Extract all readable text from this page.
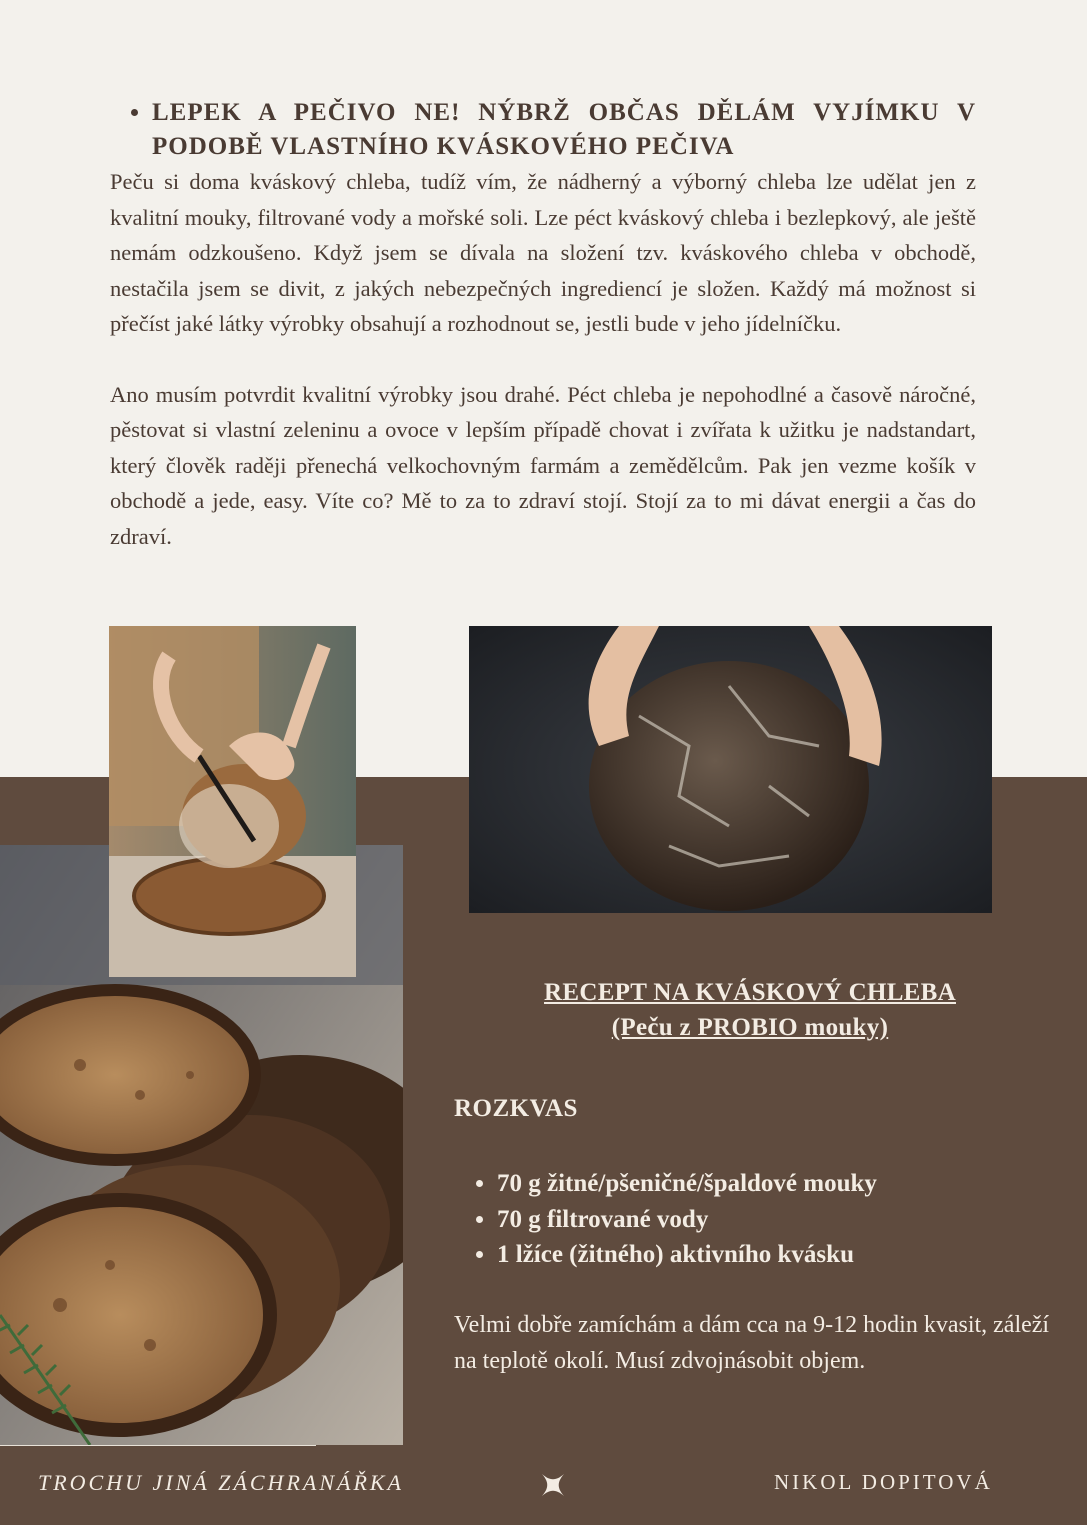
• LEPEK A PEČIVO NE! NÝBRŽ OBČAS DĚLÁM VYJÍMKU V PODOBĚ VLASTNÍHO KVÁSKOVÉHO PEČIVA

Peču si doma kváskový chleba, tudíž vím, že nádherný a výborný chleba lze udělat jen z kvalitní mouky, filtrované vody a mořské soli. Lze péct kváskový chleba i bezlepkový, ale ještě nemám odzkoušeno. Když jsem se dívala na složení tzv. kváskového chleba v obchodě, nestačila jsem se divit, z jakých nebezpečných ingrediencí je složen. Každý má možnost si přečíst jaké látky výrobky obsahují a rozhodnout se, jestli bude v jeho jídelníčku.

Ano musím potvrdit kvalitní výrobky jsou drahé. Péct chleba je nepohodlné a časově náročné, pěstovat si vlastní zeleninu a ovoce v lepším případě chovat i zvířata k užitku je nadstandart, který člověk raději přenechá velkochovným farmám a zemědělcům. Pak jen vezme košík v obchodě a jede, easy. Víte co? Mě to za to zdraví stojí. Stojí za to mi dávat energii a čas do zdraví.

RECEPT NA KVÁSKOVÝ CHLEBA

(Peču z PROBIO mouky)

ROZKVAS

• 70 g žitné/pšeničné/špaldové mouky
• 70 g filtrované vody
• 1 lžíce (žitného) aktivního kvásku

Velmi dobře zamíchám a dám cca na 9-12 hodin kvasit, záleží na teplotě okolí. Musí zdvojnásobit objem.

TROCHU JINÁ ZÁCHRANÁŘKA	NIKOL DOPITOVÁ
